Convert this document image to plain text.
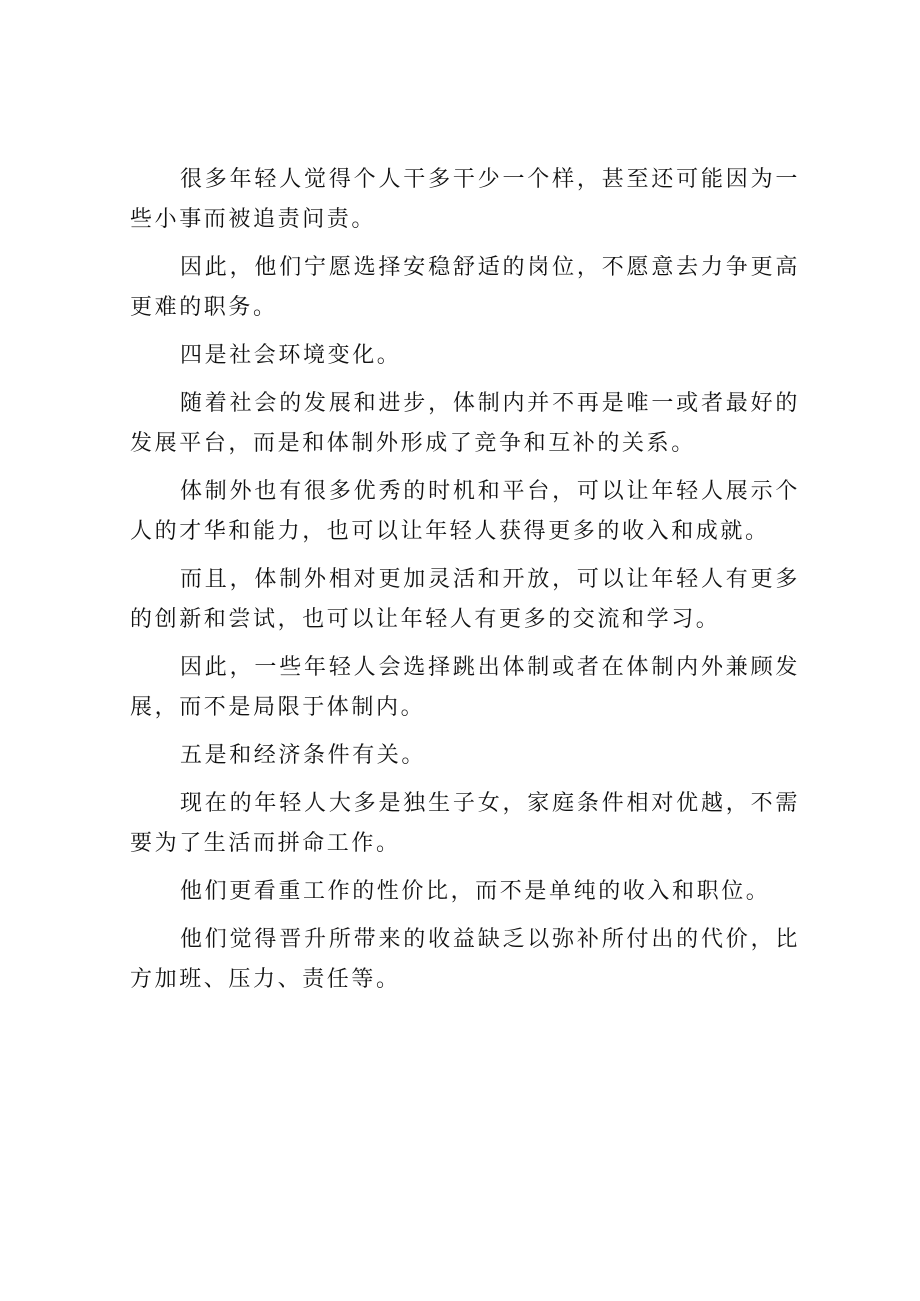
很多年轻人觉得个人干多干少一个样，甚至还可能因为一些小事而被追责问责。

因此，他们宁愿选择安稳舒适的岗位，不愿意去力争更高更难的职务。

四是社会环境变化。

随着社会的发展和进步，体制内并不再是唯一或者最好的发展平台，而是和体制外形成了竞争和互补的关系。

体制外也有很多优秀的时机和平台，可以让年轻人展示个人的才华和能力，也可以让年轻人获得更多的收入和成就。

而且，体制外相对更加灵活和开放，可以让年轻人有更多的创新和尝试，也可以让年轻人有更多的交流和学习。

因此，一些年轻人会选择跳出体制或者在体制内外兼顾发展，而不是局限于体制内。

五是和经济条件有关。

现在的年轻人大多是独生子女，家庭条件相对优越，不需要为了生活而拼命工作。

他们更看重工作的性价比，而不是单纯的收入和职位。

他们觉得晋升所带来的收益缺乏以弥补所付出的代价，比方加班、压力、责任等。
